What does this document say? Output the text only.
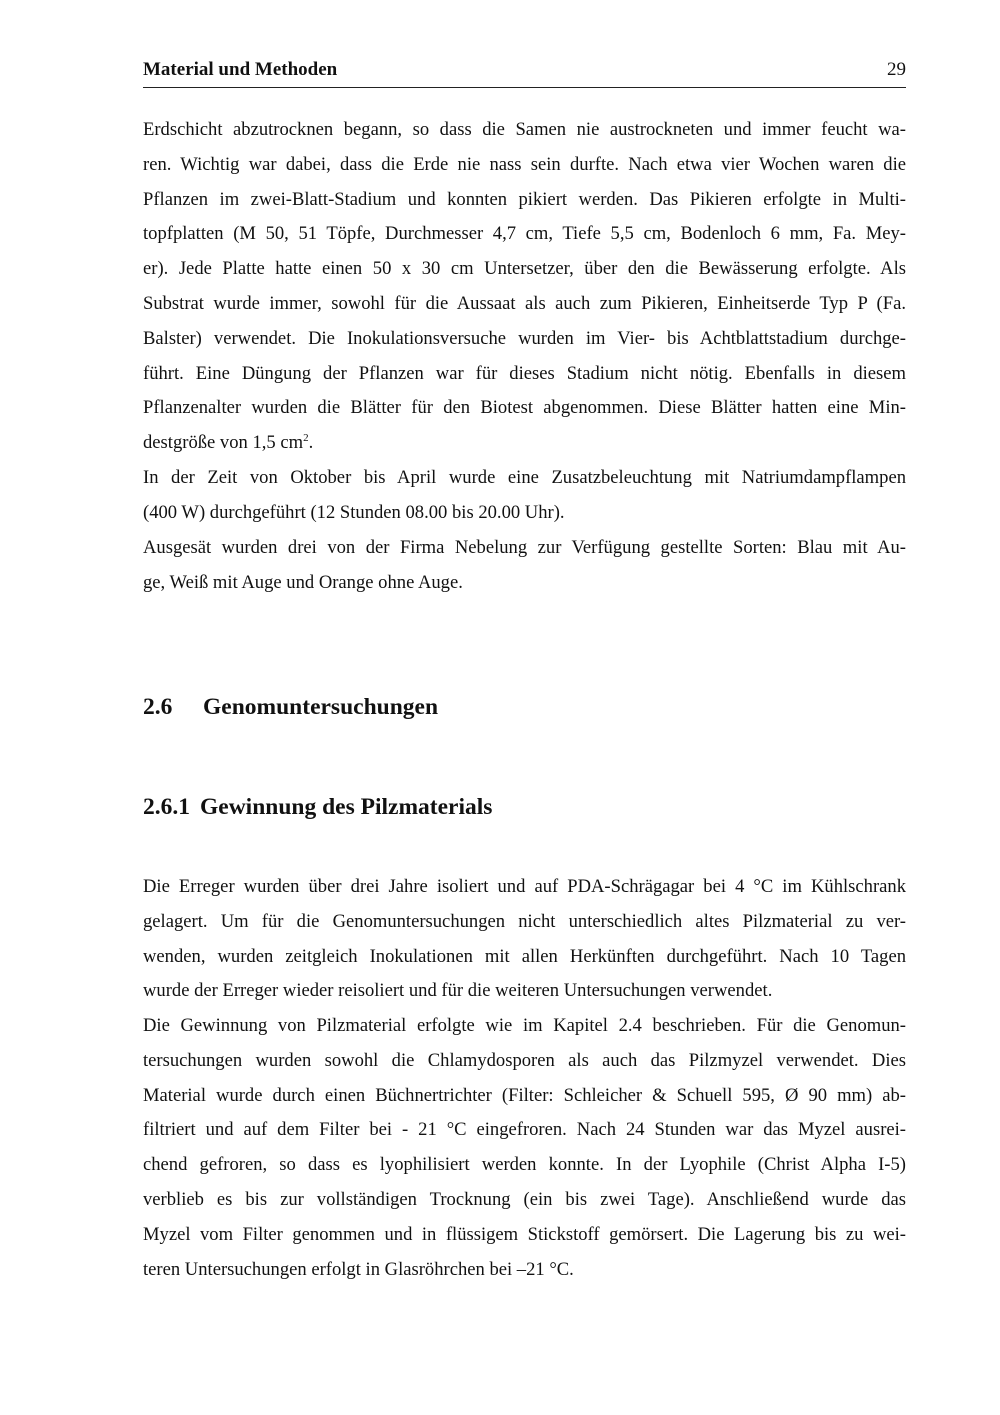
Material und Methoden	29
Erdschicht abzutrocknen begann, so dass die Samen nie austrockneten und immer feucht wa-
ren. Wichtig war dabei, dass die Erde nie nass sein durfte. Nach etwa vier Wochen waren die
Pflanzen im zwei-Blatt-Stadium und konnten pikiert werden. Das Pikieren erfolgte in Multi-
topfplatten (M 50, 51 Töpfe, Durchmesser 4,7 cm, Tiefe 5,5 cm, Bodenloch 6 mm, Fa. Mey-
er). Jede Platte hatte einen 50 x 30 cm Untersetzer, über den die Bewässerung erfolgte. Als
Substrat wurde immer, sowohl für die Aussaat als auch zum Pikieren, Einheitserde Typ P (Fa.
Balster) verwendet. Die Inokulationsversuche wurden im Vier- bis Achtblattstadium durchge-
führt. Eine Düngung der Pflanzen war für dieses Stadium nicht nötig. Ebenfalls in diesem
Pflanzenalter wurden die Blätter für den Biotest abgenommen. Diese Blätter hatten eine Min-
destgröße von 1,5 $cm^2$.
In der Zeit von Oktober bis April wurde eine Zusatzbeleuchtung mit Natriumdampflampen
(400 W) durchgeführt (12 Stunden 08.00 bis 20.00 Uhr).
Ausgesät wurden drei von der Firma Nebelung zur Verfügung gestellte Sorten: Blau mit Au-
ge, Weiß mit Auge und Orange ohne Auge.
2.6 Genomuntersuchungen
2.6.1 Gewinnung des Pilzmaterials
Die Erreger wurden über drei Jahre isoliert und auf PDA-Schrägagar bei 4 °C im Kühlschrank
gelagert. Um für die Genomuntersuchungen nicht unterschiedlich altes Pilzmaterial zu ver-
wenden, wurden zeitgleich Inokulationen mit allen Herkünften durchgeführt. Nach 10 Tagen
wurde der Erreger wieder reisoliert und für die weiteren Untersuchungen verwendet.
Die Gewinnung von Pilzmaterial erfolgte wie im Kapitel 2.4 beschrieben. Für die Genomun-
tersuchungen wurden sowohl die Chlamydosporen als auch das Pilzmyzel verwendet. Dies
Material wurde durch einen Büchnertrichter (Filter: Schleicher & Schuell 595, Ø 90 mm) ab-
filtriert und auf dem Filter bei - 21 °C eingefroren. Nach 24 Stunden war das Myzel ausrei-
chend gefroren, so dass es lyophilisiert werden konnte. In der Lyophile (Christ Alpha I-5)
verblieb es bis zur vollständigen Trocknung (ein bis zwei Tage). Anschließend wurde das
Myzel vom Filter genommen und in flüssigem Stickstoff gemörsert. Die Lagerung bis zu wei-
teren Untersuchungen erfolgt in Glasröhrchen bei –21 °C.
